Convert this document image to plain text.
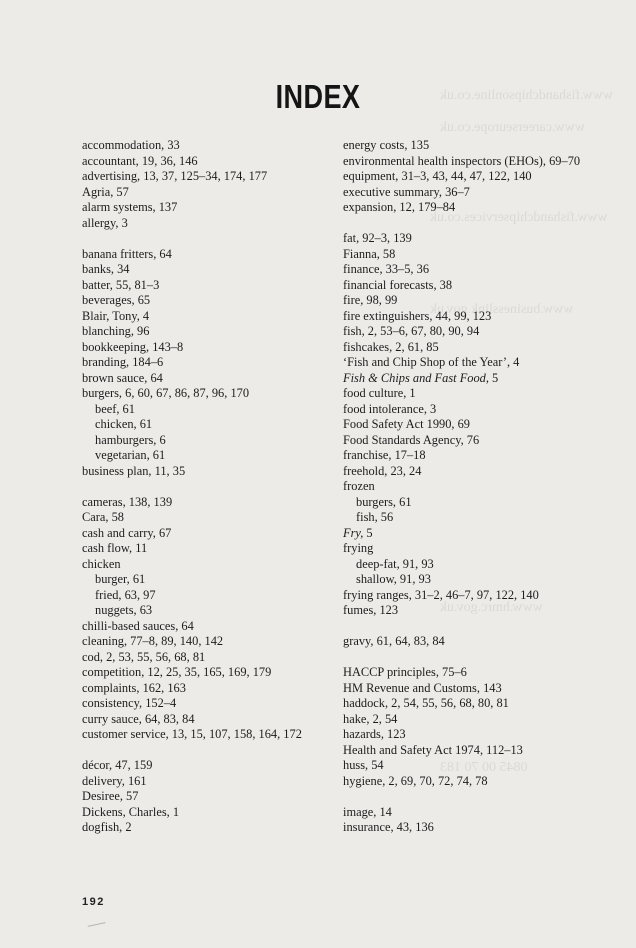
www.fishandchipsonline.co.uk
www.careerseurope.co.uk
www.fishandchipservices.co.uk
www.businesslink.gov.uk
www.hmrc.gov.uk
0845 00 70 183
INDEX
accommodation, 33
accountant, 19, 36, 146
advertising, 13, 37, 125–34, 174, 177
Agria, 57
alarm systems, 137
allergy, 3
banana fritters, 64
banks, 34
batter, 55, 81–3
beverages, 65
Blair, Tony, 4
blanching, 96
bookkeeping, 143–8
branding, 184–6
brown sauce, 64
burgers, 6, 60, 67, 86, 87, 96, 170
beef, 61
chicken, 61
hamburgers, 6
vegetarian, 61
business plan, 11, 35
cameras, 138, 139
Cara, 58
cash and carry, 67
cash flow, 11
chicken
burger, 61
fried, 63, 97
nuggets, 63
chilli-based sauces, 64
cleaning, 77–8, 89, 140, 142
cod, 2, 53, 55, 56, 68, 81
competition, 12, 25, 35, 165, 169, 179
complaints, 162, 163
consistency, 152–4
curry sauce, 64, 83, 84
customer service, 13, 15, 107, 158, 164, 172
décor, 47, 159
delivery, 161
Desiree, 57
Dickens, Charles, 1
dogfish, 2
energy costs, 135
environmental health inspectors (EHOs), 69–70
equipment, 31–3, 43, 44, 47, 122, 140
executive summary, 36–7
expansion, 12, 179–84
fat, 92–3, 139
Fianna, 58
finance, 33–5, 36
financial forecasts, 38
fire, 98, 99
fire extinguishers, 44, 99, 123
fish, 2, 53–6, 67, 80, 90, 94
fishcakes, 2, 61, 85
‘Fish and Chip Shop of the Year’, 4
Fish & Chips and Fast Food, 5
food culture, 1
food intolerance, 3
Food Safety Act 1990, 69
Food Standards Agency, 76
franchise, 17–18
freehold, 23, 24
frozen
burgers, 61
fish, 56
Fry, 5
frying
deep-fat, 91, 93
shallow, 91, 93
frying ranges, 31–2, 46–7, 97, 122, 140
fumes, 123
gravy, 61, 64, 83, 84
HACCP principles, 75–6
HM Revenue and Customs, 143
haddock, 2, 54, 55, 56, 68, 80, 81
hake, 2, 54
hazards, 123
Health and Safety Act 1974, 112–13
huss, 54
hygiene, 2, 69, 70, 72, 74, 78
image, 14
insurance, 43, 136
192
